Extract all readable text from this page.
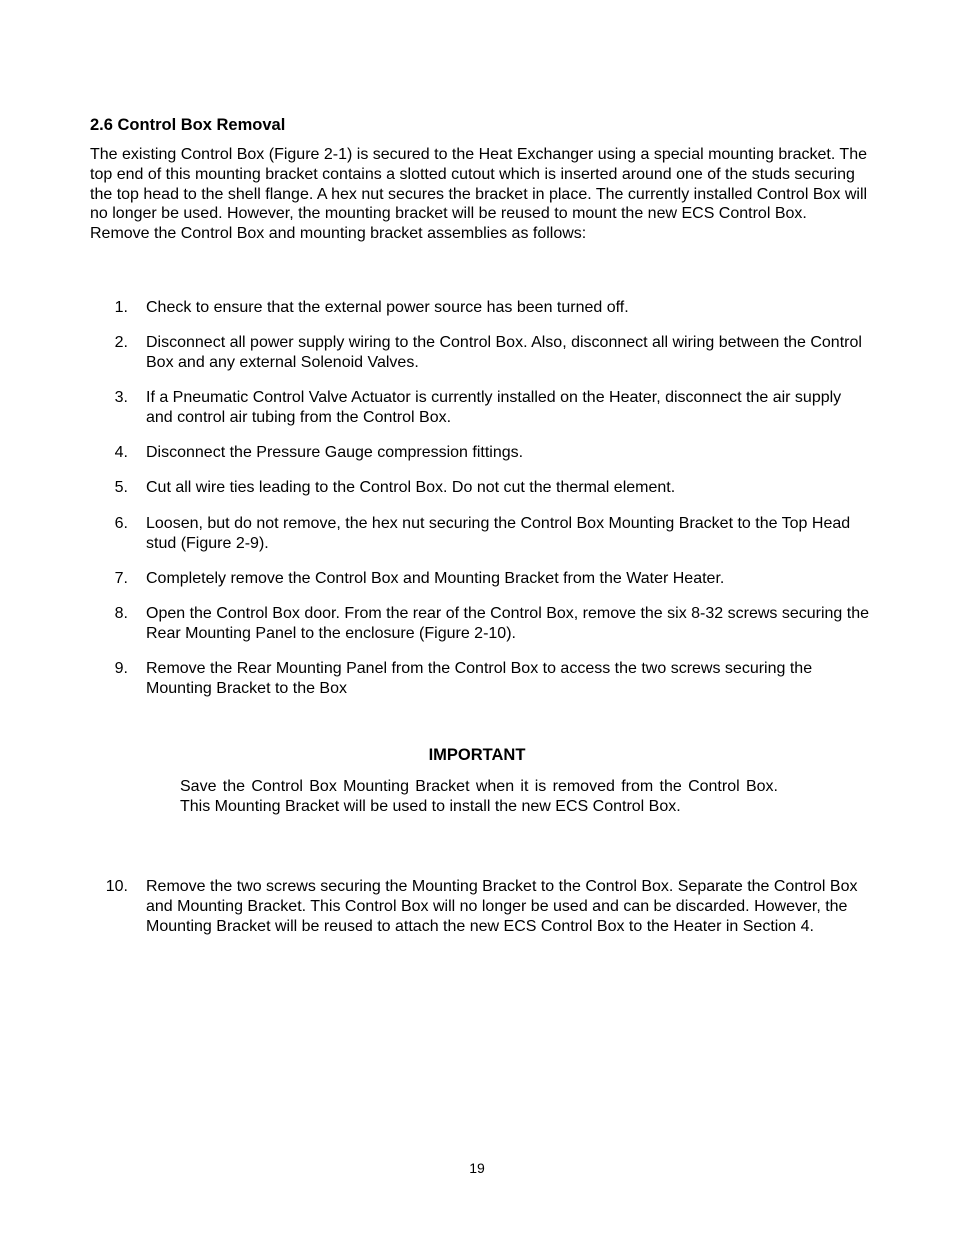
2.6 Control Box Removal

The existing Control Box (Figure 2-1) is secured to the Heat Exchanger using a special mounting bracket. The top end of this mounting bracket contains a slotted cutout which is inserted around one of the studs securing the top head to the shell flange. A hex nut secures the bracket in place. The currently installed Control Box will no longer be used. However, the mounting bracket will be reused to mount the new ECS Control Box. Remove the Control Box and mounting bracket assemblies as follows:

1. Check to ensure that the external power source has been turned off.
2. Disconnect all power supply wiring to the Control Box. Also, disconnect all wiring between the Control Box and any external Solenoid Valves.
3. If a Pneumatic Control Valve Actuator is currently installed on the Heater, disconnect the air supply and control air tubing from the Control Box.
4. Disconnect the Pressure Gauge compression fittings.
5. Cut all wire ties leading to the Control Box. Do not cut the thermal element.
6. Loosen, but do not remove, the hex nut securing the Control Box Mounting Bracket to the Top Head stud (Figure 2-9).
7. Completely remove the Control Box and Mounting Bracket from the Water Heater.
8. Open the Control Box door. From the rear of the Control Box, remove the six 8-32 screws securing the Rear Mounting Panel to the enclosure (Figure 2-10).
9. Remove the Rear Mounting Panel from the Control Box to access the two screws securing the Mounting Bracket to the Box
10. Remove the two screws securing the Mounting Bracket to the Control Box. Separate the Control Box and Mounting Bracket. This Control Box will no longer be used and can be discarded. However, the Mounting Bracket will be reused to attach the new ECS Control Box to the Heater in Section 4.
IMPORTANT

Save the Control Box Mounting Bracket when it is removed from the Control Box. This Mounting Bracket will be used to install the new ECS Control Box.

19
